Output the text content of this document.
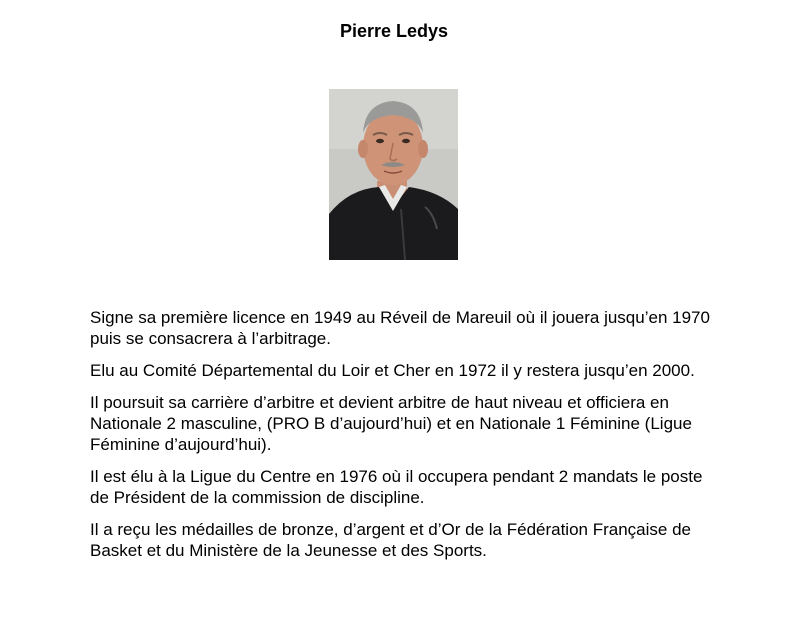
Pierre Ledys

Signe sa première licence en 1949 au Réveil de Mareuil où il jouera jusqu’en 1970 puis se consacrera à l’arbitrage.

Elu au Comité Départemental du Loir et Cher en 1972 il y restera jusqu’en 2000.

Il poursuit sa carrière d’arbitre et devient arbitre de haut niveau et officiera en Nationale 2 masculine, (PRO B d’aujourd’hui) et en Nationale 1 Féminine (Ligue Féminine d’aujourd’hui).

Il est élu à la Ligue du Centre en 1976 où il occupera pendant 2 mandats le poste de Président de la commission de discipline.

Il a reçu les médailles de bronze, d’argent et d’Or de la Fédération Française de Basket et du Ministère de la Jeunesse et des Sports.
